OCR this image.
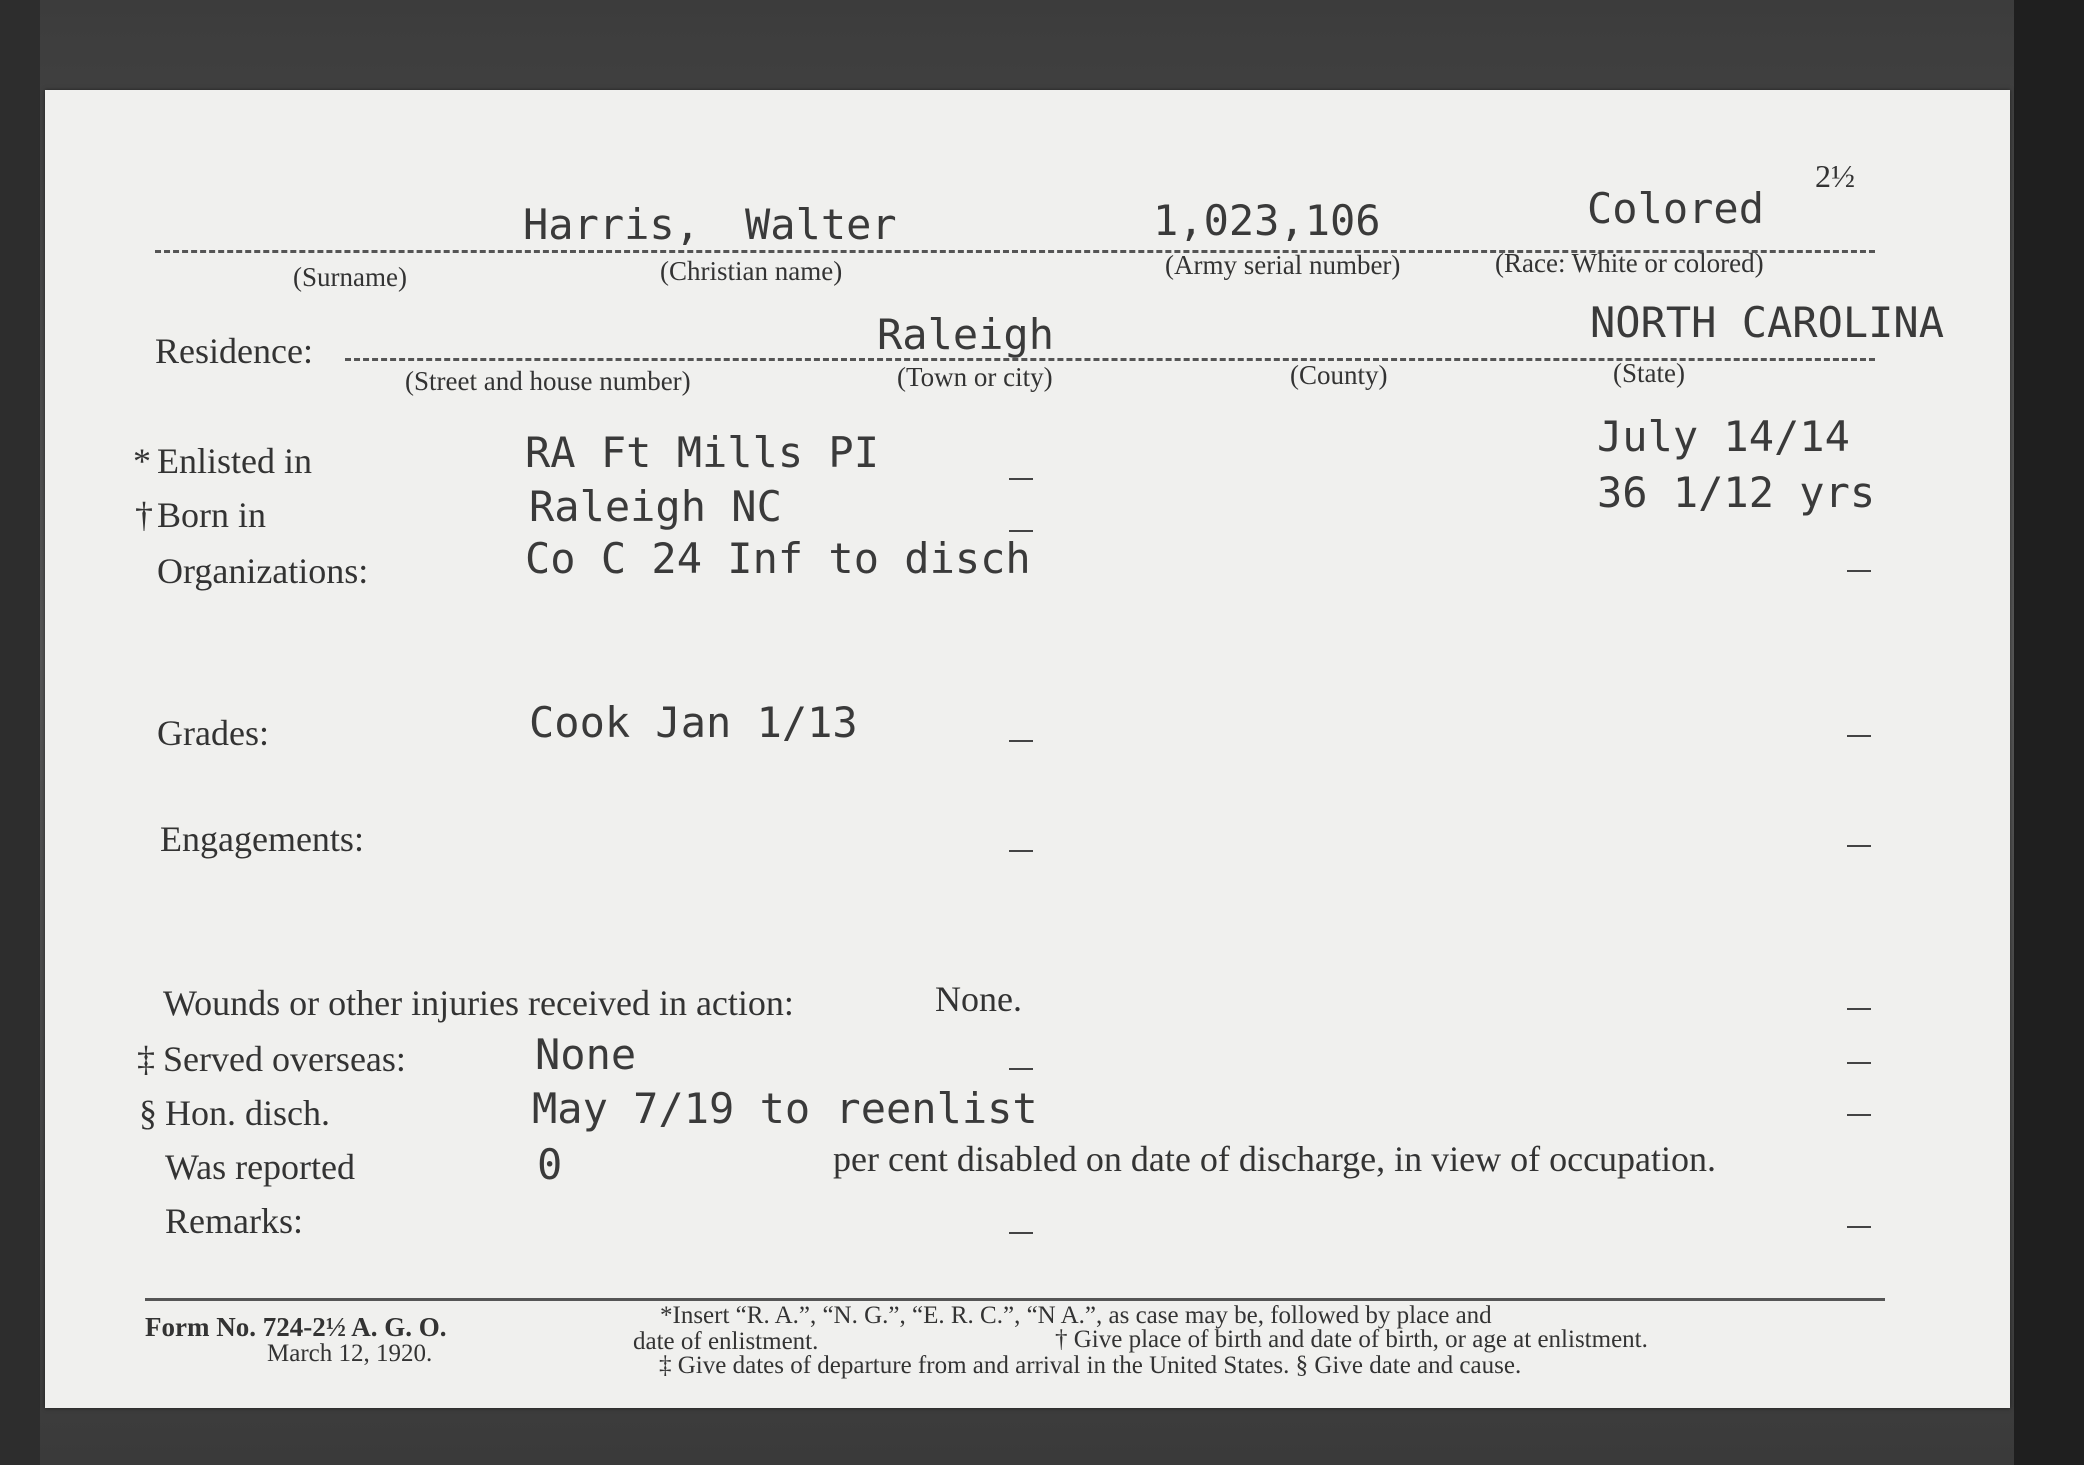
2½
Harris, Walter	1,023,106	Colored
(Surname)	(Christian name)	(Army serial number)	(Race: White or colored)
Residence:	Raleigh	NORTH CAROLINA
(Street and house number)	(Town or city)	(County)	(State)
* Enlisted in	RA Ft Mills PI	July 14/14
† Born in	Raleigh NC	36 1/12 yrs
Organizations:	Co C 24 Inf to disch
Grades:	Cook Jan 1/13
Engagements:
Wounds or other injuries received in action:	None.
‡ Served overseas:	None
§ Hon. disch.	May 7/19 to reenlist
Was reported	0	per cent disabled on date of discharge, in view of occupation.
Remarks:
Form No. 724-2½ A. G. O.
March 12, 1920.
*Insert “R. A.”, “N. G.”, “E. R. C.”, “N A.”, as case may be, followed by place and
date of enlistment.	† Give place of birth and date of birth, or age at enlistment.
‡ Give dates of departure from and arrival in the United States. § Give date and cause.
